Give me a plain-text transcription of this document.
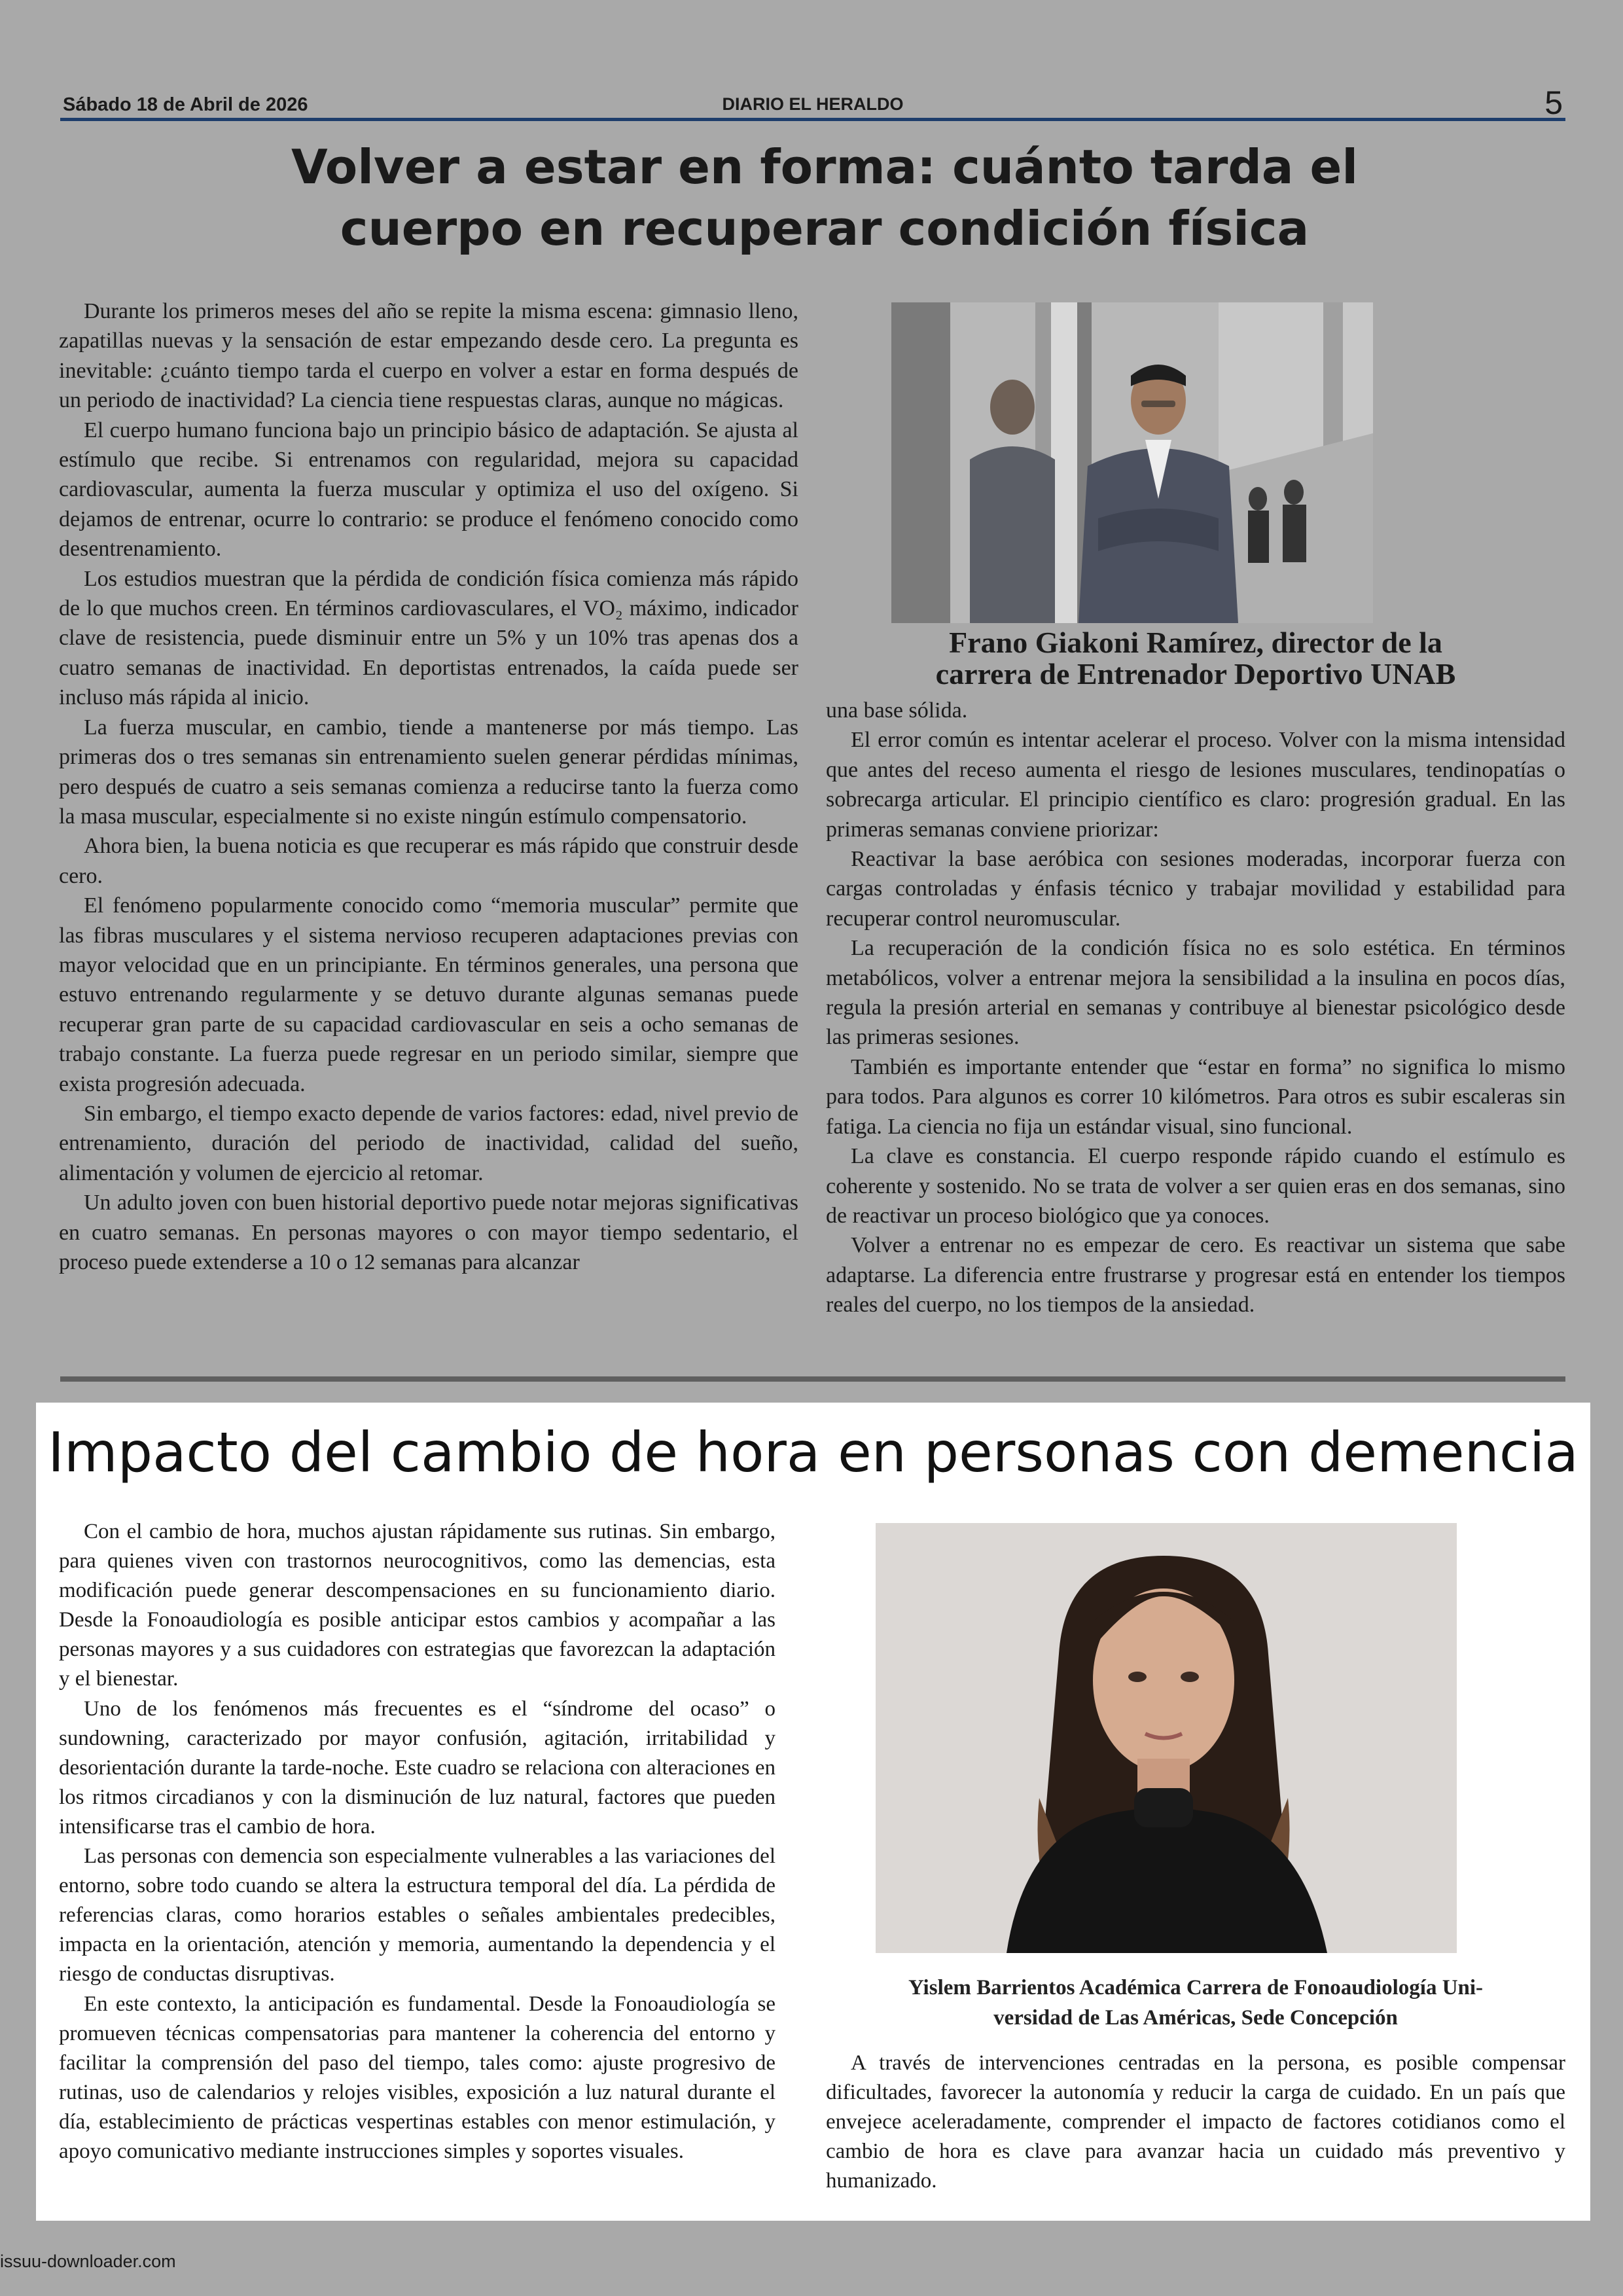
Sábado 18 de Abril de 2026	DIARIO EL HERALDO	5
Volver a estar en forma: cuánto tarda el
cuerpo en recuperar condición física

Durante los primeros meses del año se repite la misma escena: gimnasio lleno, zapatillas nuevas y la sensación de estar empezando desde cero. La pregunta es inevitable: ¿cuánto tiempo tarda el cuerpo en volver a estar en forma después de un periodo de inactividad? La ciencia tiene respuestas claras, aunque no mágicas.

El cuerpo humano funciona bajo un principio básico de adaptación. Se ajusta al estímulo que recibe. Si entrenamos con regularidad, mejora su capacidad cardiovascular, aumenta la fuerza muscular y optimiza el uso del oxígeno. Si dejamos de entrenar, ocurre lo contrario: se produce el fenómeno conocido como desentrenamiento.

Los estudios muestran que la pérdida de condición física comienza más rápido de lo que muchos creen. En términos cardiovasculares, el VO₂ máximo, indicador clave de resistencia, puede disminuir entre un 5% y un 10% tras apenas dos a cuatro semanas de inactividad. En deportistas entrenados, la caída puede ser incluso más rápida al inicio.

La fuerza muscular, en cambio, tiende a mantenerse por más tiempo. Las primeras dos o tres semanas sin entrenamiento suelen generar pérdidas mínimas, pero después de cuatro a seis semanas comienza a reducirse tanto la fuerza como la masa muscular, especialmente si no existe ningún estímulo compensatorio.

Ahora bien, la buena noticia es que recuperar es más rápido que construir desde cero.

El fenómeno popularmente conocido como “memoria muscular” permite que las fibras musculares y el sistema nervioso recuperen adaptaciones previas con mayor velocidad que en un principiante. En términos generales, una persona que estuvo entrenando regularmente y se detuvo durante algunas semanas puede recuperar gran parte de su capacidad cardiovascular en seis a ocho semanas de trabajo constante. La fuerza puede regresar en un periodo similar, siempre que exista progresión adecuada.

Sin embargo, el tiempo exacto depende de varios factores: edad, nivel previo de entrenamiento, duración del periodo de inactividad, calidad del sueño, alimentación y volumen de ejercicio al retomar.

Un adulto joven con buen historial deportivo puede notar mejoras significativas en cuatro semanas. En personas mayores o con mayor tiempo sedentario, el proceso puede extenderse a 10 o 12 semanas para alcanzar

Frano Giakoni Ramírez, director de la
carrera de Entrenador Deportivo UNAB

una base sólida.

El error común es intentar acelerar el proceso. Volver con la misma intensidad que antes del receso aumenta el riesgo de lesiones musculares, tendinopatías o sobrecarga articular. El principio científico es claro: progresión gradual. En las primeras semanas conviene priorizar:

Reactivar la base aeróbica con sesiones moderadas, incorporar fuerza con cargas controladas y énfasis técnico y trabajar movilidad y estabilidad para recuperar control neuromuscular.

La recuperación de la condición física no es solo estética. En términos metabólicos, volver a entrenar mejora la sensibilidad a la insulina en pocos días, regula la presión arterial en semanas y contribuye al bienestar psicológico desde las primeras sesiones.

También es importante entender que “estar en forma” no significa lo mismo para todos. Para algunos es correr 10 kilómetros. Para otros es subir escaleras sin fatiga. La ciencia no fija un estándar visual, sino funcional.

La clave es constancia. El cuerpo responde rápido cuando el estímulo es coherente y sostenido. No se trata de volver a ser quien eras en dos semanas, sino de reactivar un proceso biológico que ya conoces.

Volver a entrenar no es empezar de cero. Es reactivar un sistema que sabe adaptarse. La diferencia entre frustrarse y progresar está en entender los tiempos reales del cuerpo, no los tiempos de la ansiedad.

Impacto del cambio de hora en personas con demencia

Con el cambio de hora, muchos ajustan rápidamente sus rutinas. Sin embargo, para quienes viven con trastornos neurocognitivos, como las demencias, esta modificación puede generar descompensaciones en su funcionamiento diario. Desde la Fonoaudiología es posible anticipar estos cambios y acompañar a las personas mayores y a sus cuidadores con estrategias que favorezcan la adaptación y el bienestar.

Uno de los fenómenos más frecuentes es el “síndrome del ocaso” o sundowning, caracterizado por mayor confusión, agitación, irritabilidad y desorientación durante la tarde-noche. Este cuadro se relaciona con alteraciones en los ritmos circadianos y con la disminución de luz natural, factores que pueden intensificarse tras el cambio de hora.

Las personas con demencia son especialmente vulnerables a las variaciones del entorno, sobre todo cuando se altera la estructura temporal del día. La pérdida de referencias claras, como horarios estables o señales ambientales predecibles, impacta en la orientación, atención y memoria, aumentando la dependencia y el riesgo de conductas disruptivas.

En este contexto, la anticipación es fundamental. Desde la Fonoaudiología se promueven técnicas compensatorias para mantener la coherencia del entorno y facilitar la comprensión del paso del tiempo, tales como: ajuste progresivo de rutinas, uso de calendarios y relojes visibles, exposición a luz natural durante el día, establecimiento de prácticas vespertinas estables con menor estimulación, y apoyo comunicativo mediante instrucciones simples y soportes visuales.

Yislem Barrientos Académica Carrera de Fonoaudiología Uni-
versidad de Las Américas, Sede Concepción

A través de intervenciones centradas en la persona, es posible compensar dificultades, favorecer la autonomía y reducir la carga de cuidado. En un país que envejece aceleradamente, comprender el impacto de factores cotidianos como el cambio de hora es clave para avanzar hacia un cuidado más preventivo y humanizado.

issuu-downloader.com
